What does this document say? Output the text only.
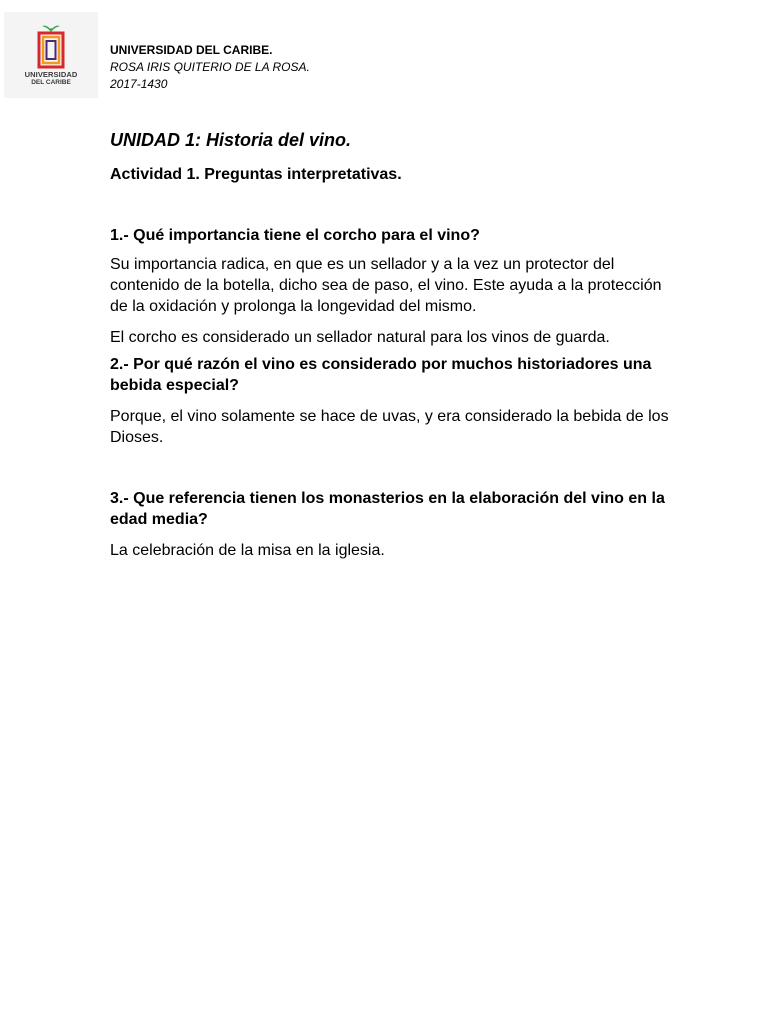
UNIVERSIDAD
DEL CARIBE
UNIVERSIDAD DEL CARIBE.
ROSA IRIS QUITERIO DE LA ROSA.
2017-1430
UNIDAD 1: Historia del vino.

Actividad 1. Preguntas interpretativas.

1.- Qué importancia tiene el corcho para el vino?

Su importancia radica, en que es un sellador y a la vez un protector del contenido de la botella, dicho sea de paso, el vino. Este ayuda a la protección de la oxidación y prolonga la longevidad del mismo.

El corcho es considerado un sellador natural para los vinos de guarda.

2.- Por qué razón el vino es considerado por muchos historiadores una bebida especial?

Porque, el vino solamente se hace de uvas, y era considerado la bebida de los Dioses.

3.- Que referencia tienen los monasterios en la elaboración del vino en la edad media?

La celebración de la misa en la iglesia.
